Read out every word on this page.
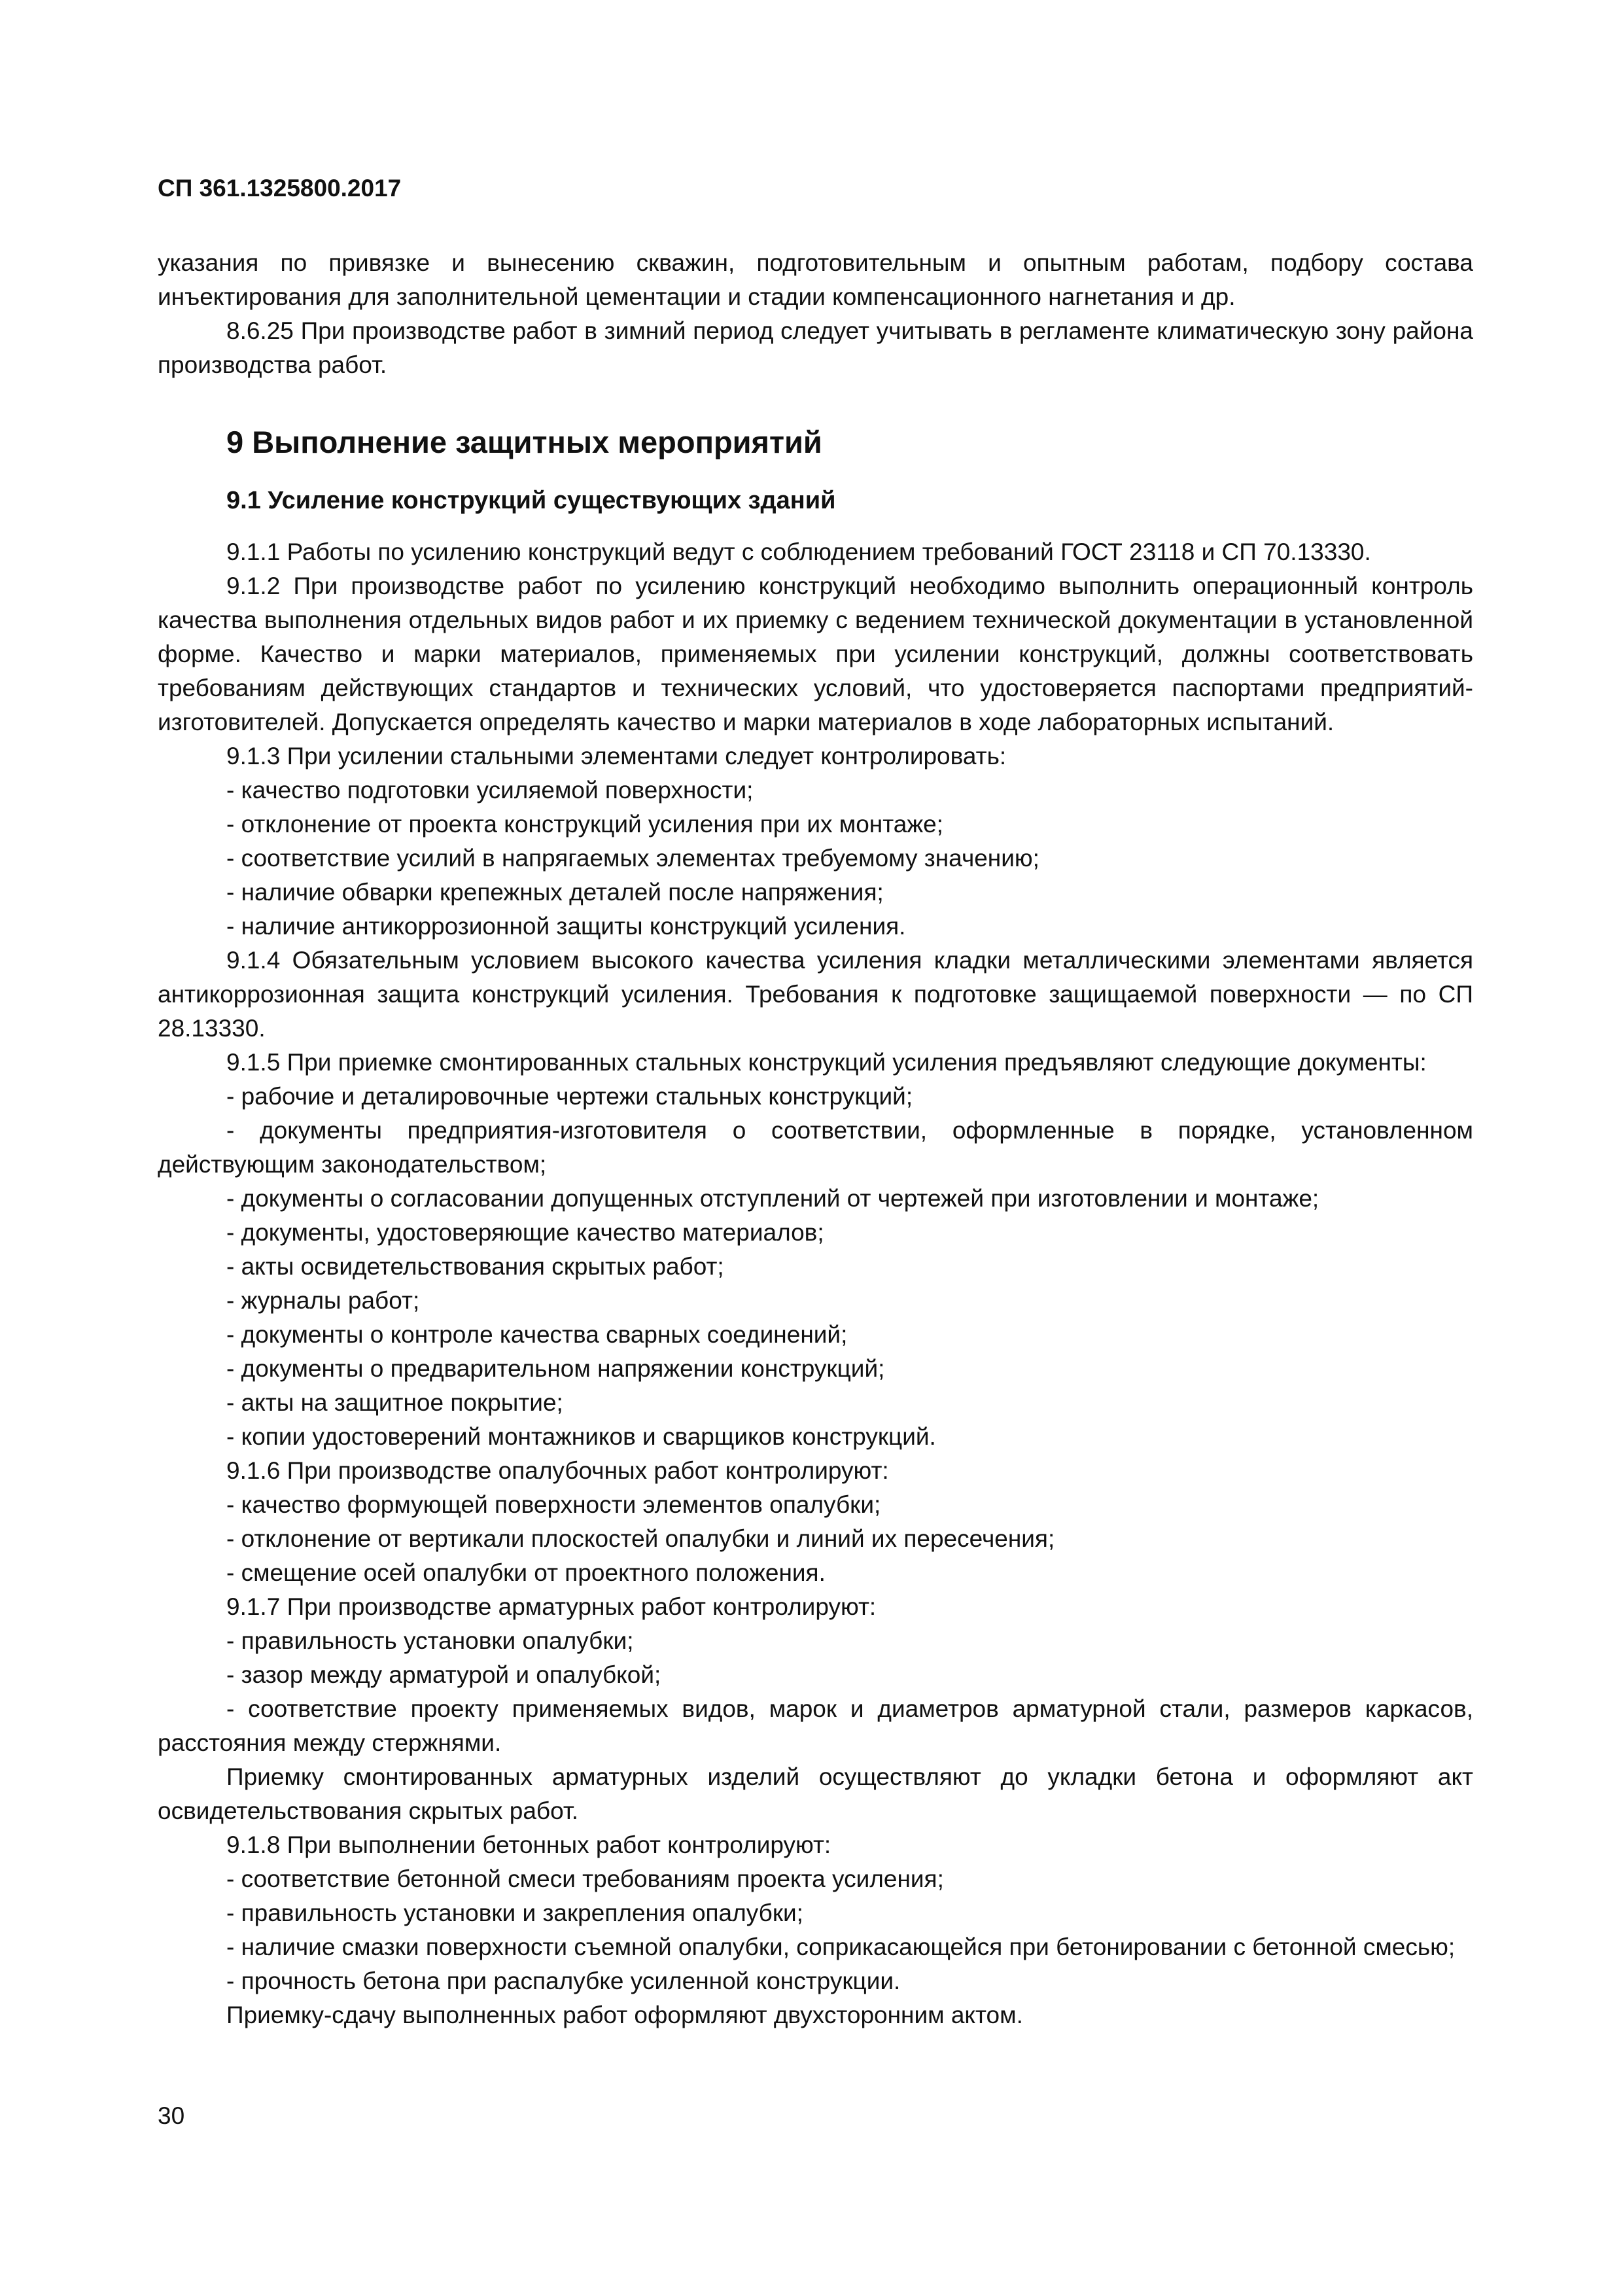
СП 361.1325800.2017

указания по привязке и вынесению скважин, подготовительным и опытным работам, подбору состава инъектирования для заполнительной цементации и стадии компенсационного нагнетания и др.

8.6.25 При производстве работ в зимний период следует учитывать в регламенте климатическую зону района производства работ.

9 Выполнение защитных мероприятий
9.1 Усиление конструкций существующих зданий

9.1.1 Работы по усилению конструкций ведут с соблюдением требований ГОСТ 23118 и СП 70.13330.

9.1.2 При производстве работ по усилению конструкций необходимо выполнить операционный контроль качества выполнения отдельных видов работ и их приемку с ведением технической документации в установленной форме. Качество и марки материалов, применяемых при усилении конструкций, должны соответствовать требованиям действующих стандартов и технических условий, что удостоверяется паспортами предприятий-изготовителей. Допускается определять качество и марки материалов в ходе лабораторных испытаний.

9.1.3 При усилении стальными элементами следует контролировать:

- качество подготовки усиляемой поверхности;

- отклонение от проекта конструкций усиления при их монтаже;

- соответствие усилий в напрягаемых элементах требуемому значению;

- наличие обварки крепежных деталей после напряжения;

- наличие антикоррозионной защиты конструкций усиления.

9.1.4 Обязательным условием высокого качества усиления кладки металлическими элементами является антикоррозионная защита конструкций усиления. Требования к подготовке защищаемой поверхности — по СП 28.13330.

9.1.5 При приемке смонтированных стальных конструкций усиления предъявляют следующие документы:

- рабочие и деталировочные чертежи стальных конструкций;

- документы предприятия-изготовителя о соответствии, оформленные в порядке, установленном действующим законодательством;

- документы о согласовании допущенных отступлений от чертежей при изготовлении и монтаже;

- документы, удостоверяющие качество материалов;

- акты освидетельствования скрытых работ;

- журналы работ;

- документы о контроле качества сварных соединений;

- документы о предварительном напряжении конструкций;

- акты на защитное покрытие;

- копии удостоверений монтажников и сварщиков конструкций.

9.1.6 При производстве опалубочных работ контролируют:

- качество формующей поверхности элементов опалубки;

- отклонение от вертикали плоскостей опалубки и линий их пересечения;

- смещение осей опалубки от проектного положения.

9.1.7 При производстве арматурных работ контролируют:

- правильность установки опалубки;

- зазор между арматурой и опалубкой;

- соответствие проекту применяемых видов, марок и диаметров арматурной стали, размеров каркасов, расстояния между стержнями.

Приемку смонтированных арматурных изделий осуществляют до укладки бетона и оформляют акт освидетельствования скрытых работ.

9.1.8 При выполнении бетонных работ контролируют:

- соответствие бетонной смеси требованиям проекта усиления;

- правильность установки и закрепления опалубки;

- наличие смазки поверхности съемной опалубки, соприкасающейся при бетонировании с бетонной смесью;

- прочность бетона при распалубке усиленной конструкции.

Приемку-сдачу выполненных работ оформляют двухсторонним актом.

30
